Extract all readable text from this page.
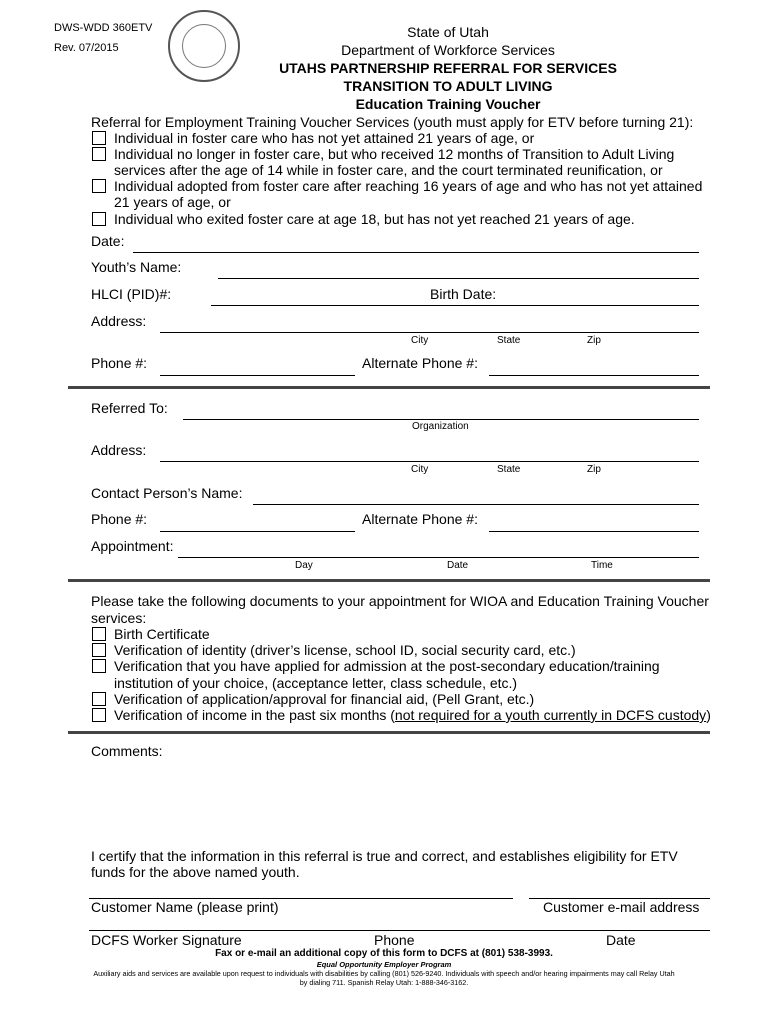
DWS-WDD 360ETV
Rev. 07/2015
State of Utah
Department of Workforce Services
UTAHS PARTNERSHIP REFERRAL FOR SERVICES
TRANSITION TO ADULT LIVING
Education Training Voucher
Referral for Employment Training Voucher Services (youth must apply for ETV before turning 21):
Individual in foster care who has not yet attained 21 years of age, or
Individual no longer in foster care, but who received 12 months of Transition to Adult Living
services after the age of 14 while in foster care, and the court terminated reunification, or
Individual adopted from foster care after reaching 16 years of age and who has not yet attained
21 years of age, or
Individual who exited foster care at age 18, but has not yet reached 21 years of age.
Date:
Youth’s Name:
HLCI (PID)#:	Birth Date:
Address:
City	State	Zip
Phone #:	Alternate Phone #:
Referred To:
Organization
Address:
City	State	Zip
Contact Person’s Name:
Phone #:	Alternate Phone #:
Appointment:
Day	Date	Time
Please take the following documents to your appointment for WIOA and Education Training Voucher
services:
Birth Certificate
Verification of identity (driver’s license, school ID, social security card, etc.)
Verification that you have applied for admission at the post-secondary education/training
institution of your choice, (acceptance letter, class schedule, etc.)
Verification of application/approval for financial aid, (Pell Grant, etc.)
Verification of income in the past six months (not required for a youth currently in DCFS custody)
Comments:
I certify that the information in this referral is true and correct, and establishes eligibility for ETV
funds for the above named youth.
Customer Name (please print)	Customer e-mail address
DCFS Worker Signature	Phone	Date
Fax or e-mail an additional copy of this form to DCFS at (801) 538-3993.
Equal Opportunity Employer Program
Auxiliary aids and services are available upon request to individuals with disabilities by calling (801) 526-9240. Individuals with speech and/or hearing impairments may call Relay Utah
by dialing 711. Spanish Relay Utah: 1-888-346-3162.
